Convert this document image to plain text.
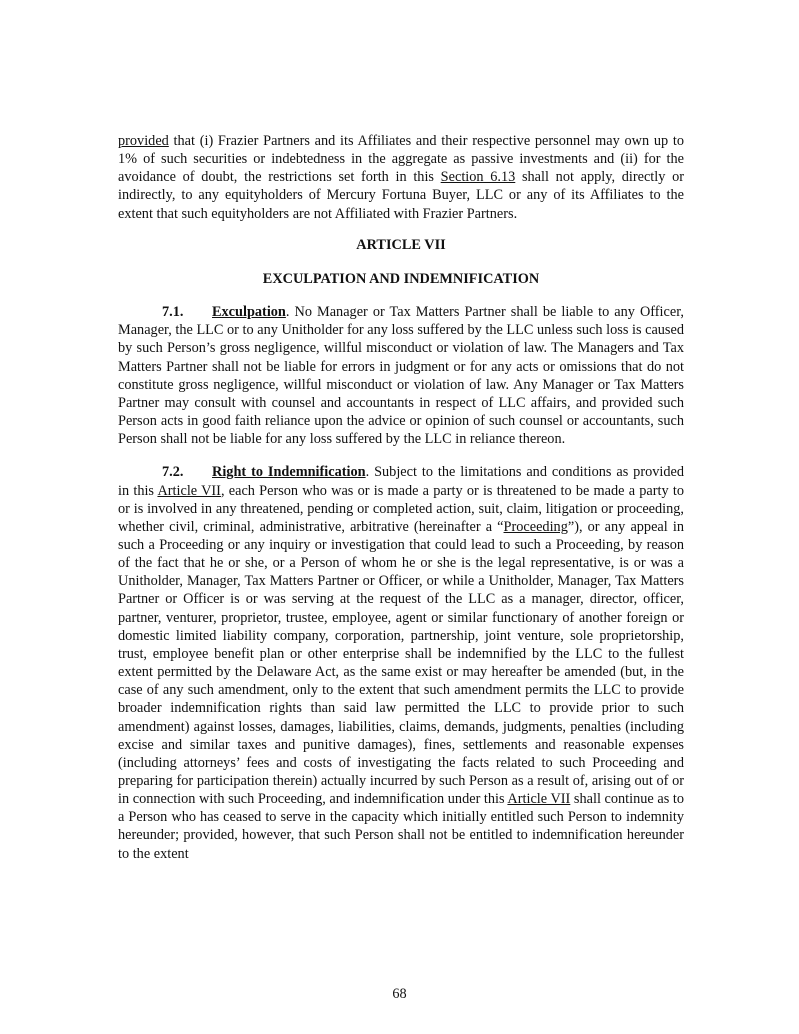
provided that (i) Frazier Partners and its Affiliates and their respective personnel may own up to 1% of such securities or indebtedness in the aggregate as passive investments and (ii) for the avoidance of doubt, the restrictions set forth in this Section 6.13 shall not apply, directly or indirectly, to any equityholders of Mercury Fortuna Buyer, LLC or any of its Affiliates to the extent that such equityholders are not Affiliated with Frazier Partners.

ARTICLE VII

EXCULPATION AND INDEMNIFICATION

7.1. Exculpation. No Manager or Tax Matters Partner shall be liable to any Officer, Manager, the LLC or to any Unitholder for any loss suffered by the LLC unless such loss is caused by such Person’s gross negligence, willful misconduct or violation of law. The Managers and Tax Matters Partner shall not be liable for errors in judgment or for any acts or omissions that do not constitute gross negligence, willful misconduct or violation of law. Any Manager or Tax Matters Partner may consult with counsel and accountants in respect of LLC affairs, and provided such Person acts in good faith reliance upon the advice or opinion of such counsel or accountants, such Person shall not be liable for any loss suffered by the LLC in reliance thereon.

7.2. Right to Indemnification. Subject to the limitations and conditions as provided in this Article VII, each Person who was or is made a party or is threatened to be made a party to or is involved in any threatened, pending or completed action, suit, claim, litigation or proceeding, whether civil, criminal, administrative, arbitrative (hereinafter a “Proceeding”), or any appeal in such a Proceeding or any inquiry or investigation that could lead to such a Proceeding, by reason of the fact that he or she, or a Person of whom he or she is the legal representative, is or was a Unitholder, Manager, Tax Matters Partner or Officer, or while a Unitholder, Manager, Tax Matters Partner or Officer is or was serving at the request of the LLC as a manager, director, officer, partner, venturer, proprietor, trustee, employee, agent or similar functionary of another foreign or domestic limited liability company, corporation, partnership, joint venture, sole proprietorship, trust, employee benefit plan or other enterprise shall be indemnified by the LLC to the fullest extent permitted by the Delaware Act, as the same exist or may hereafter be amended (but, in the case of any such amendment, only to the extent that such amendment permits the LLC to provide broader indemnification rights than said law permitted the LLC to provide prior to such amendment) against losses, damages, liabilities, claims, demands, judgments, penalties (including excise and similar taxes and punitive damages), fines, settlements and reasonable expenses (including attorneys’ fees and costs of investigating the facts related to such Proceeding and preparing for participation therein) actually incurred by such Person as a result of, arising out of or in connection with such Proceeding, and indemnification under this Article VII shall continue as to a Person who has ceased to serve in the capacity which initially entitled such Person to indemnity hereunder; provided, however, that such Person shall not be entitled to indemnification hereunder to the extent

68
